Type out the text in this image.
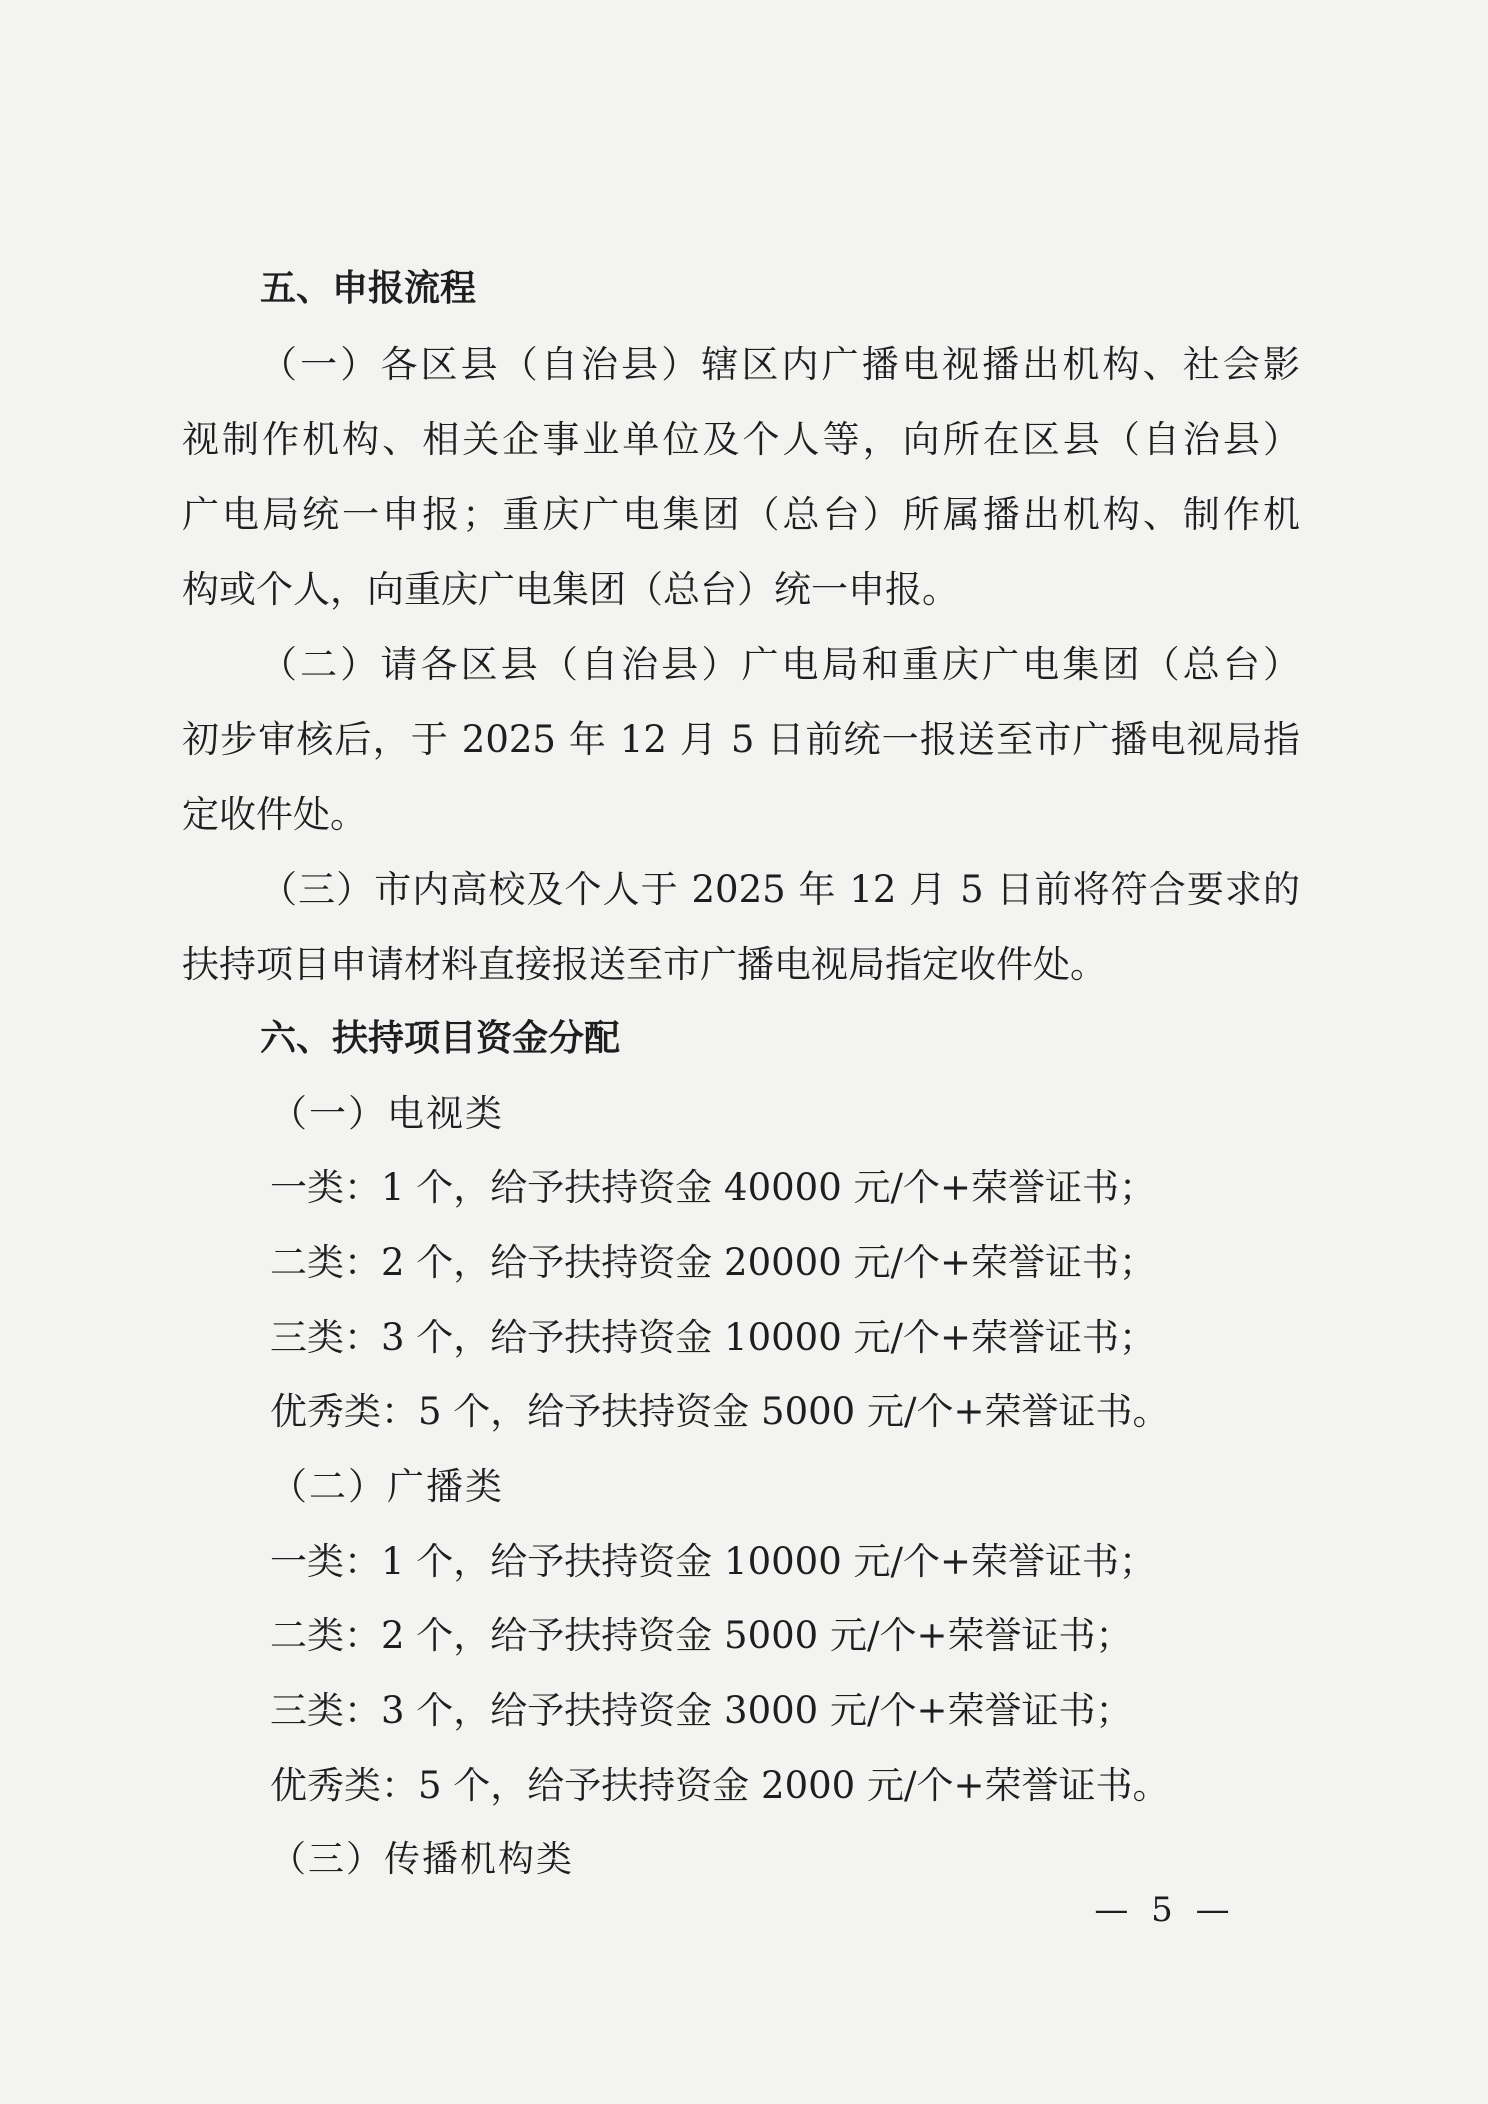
五、申报流程
（一）各区县（自治县）辖区内广播电视播出机构、社会影
视制作机构、相关企事业单位及个人等，向所在区县（自治县）
广电局统一申报；重庆广电集团（总台）所属播出机构、制作机
构或个人，向重庆广电集团（总台）统一申报。
（二）请各区县（自治县）广电局和重庆广电集团（总台）
初步审核后，于 2025 年 12 月 5 日前统一报送至市广播电视局指
定收件处。
（三）市内高校及个人于 2025 年 12 月 5 日前将符合要求的
扶持项目申请材料直接报送至市广播电视局指定收件处。
六、扶持项目资金分配
（一）电视类
一类：1 个，给予扶持资金 40000 元/个+荣誉证书；
二类：2 个，给予扶持资金 20000 元/个+荣誉证书；
三类：3 个，给予扶持资金 10000 元/个+荣誉证书；
优秀类：5 个，给予扶持资金 5000 元/个+荣誉证书。
（二）广播类
一类：1 个，给予扶持资金 10000 元/个+荣誉证书；
二类：2 个，给予扶持资金 5000 元/个+荣誉证书；
三类：3 个，给予扶持资金 3000 元/个+荣誉证书；
优秀类：5 个，给予扶持资金 2000 元/个+荣誉证书。
（三）传播机构类
— 5 —
